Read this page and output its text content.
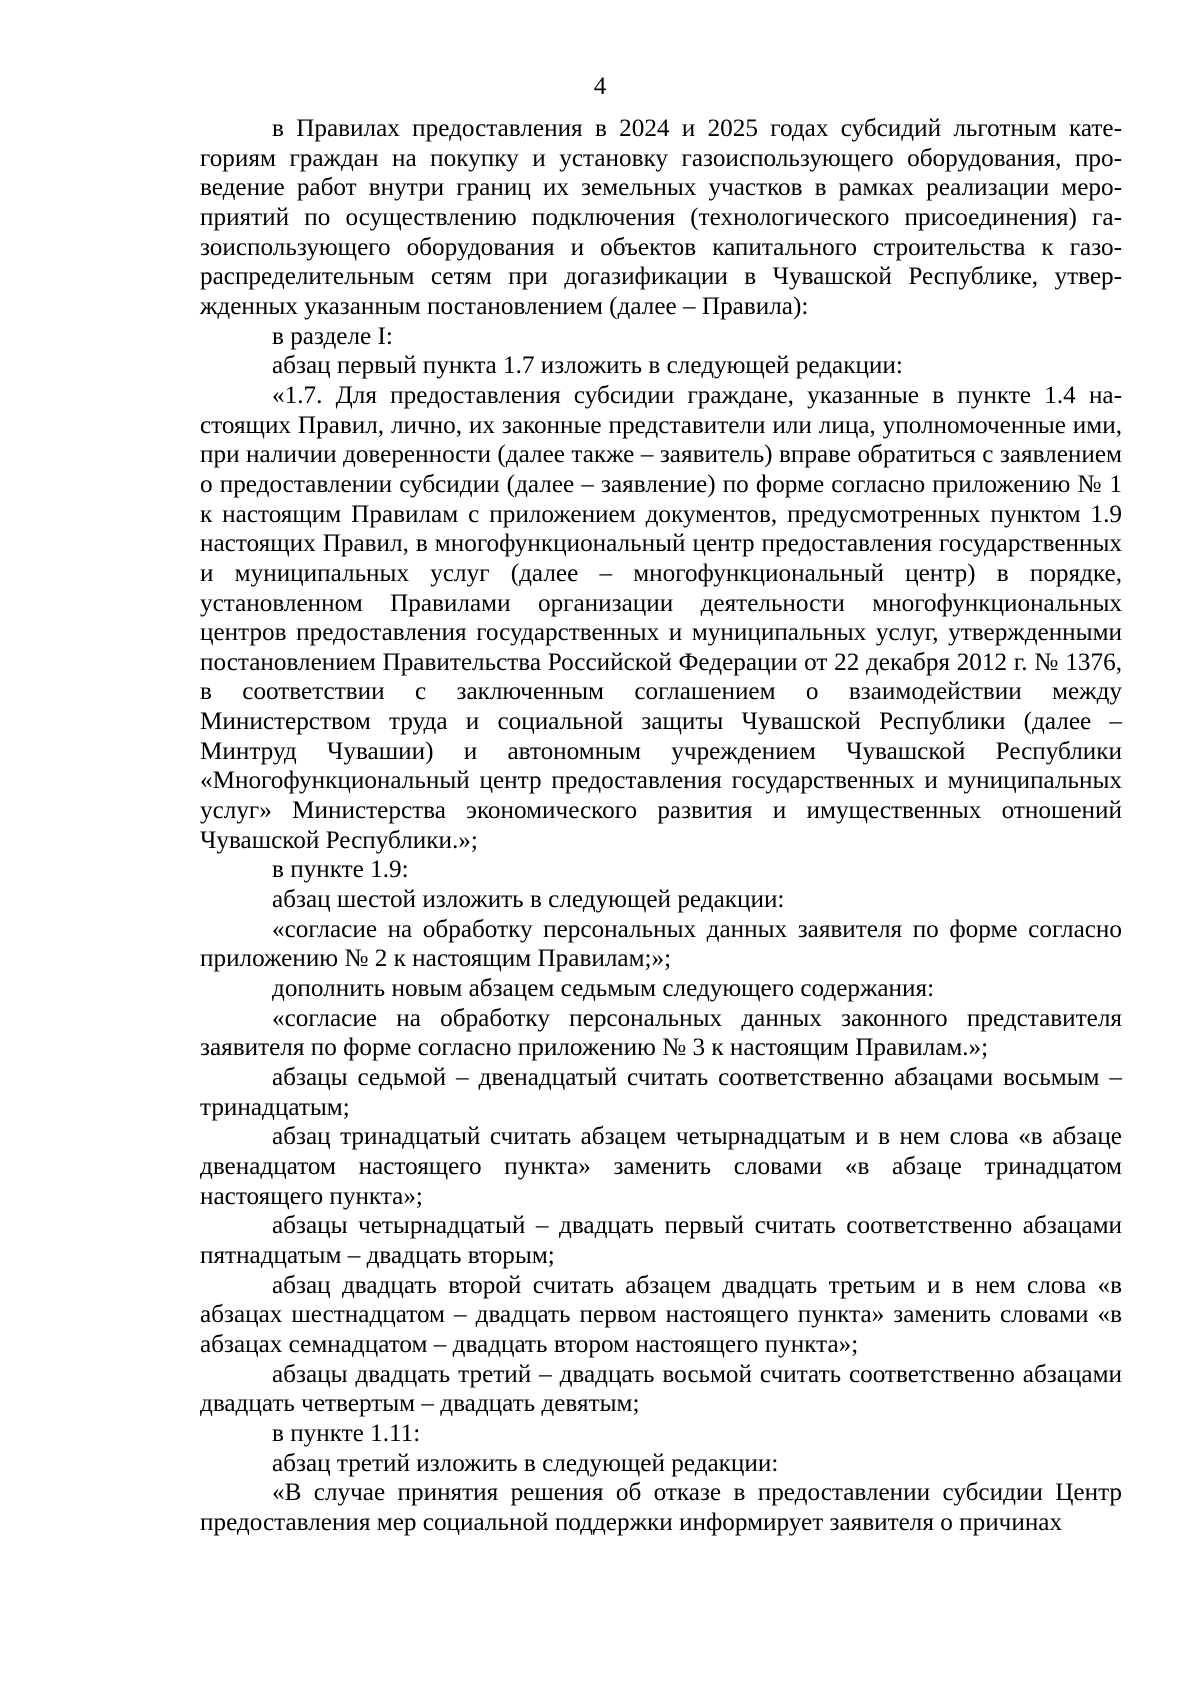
4

в Правилах предоставления в 2024 и 2025 годах субсидий льготным категориям граждан на покупку и установку газоиспользующего оборудования, проведение работ внутри границ их земельных участков в рамках реализации мероприятий по осуществлению подключения (технологического присоединения) газоиспользующего оборудования и объектов капитального строительства к газораспределительным сетям при догазификации в Чувашской Республике, утвержденных указанным постановлением (далее – Правила):

в разделе I:

абзац первый пункта 1.7 изложить в следующей редакции:

«1.7. Для предоставления субсидии граждане, указанные в пункте 1.4 настоящих Правил, лично, их законные представители или лица, уполномоченные ими, при наличии доверенности (далее также – заявитель) вправе обратиться с заявлением о предоставлении субсидии (далее – заявление) по форме согласно приложению № 1 к настоящим Правилам с приложением документов, предусмотренных пунктом 1.9 настоящих Правил, в многофункциональный центр предоставления государственных и муниципальных услуг (далее – многофункциональный центр) в порядке, установленном Правилами организации деятельности многофункциональных центров предоставления государственных и муниципальных услуг, утвержденными постановлением Правительства Российской Федерации от 22 декабря 2012 г. № 1376, в соответствии с заключенным соглашением о взаимодействии между Министерством труда и социальной защиты Чувашской Республики (далее – Минтруд Чувашии) и автономным учреждением Чувашской Республики «Многофункциональный центр предоставления государственных и муниципальных услуг» Министерства экономического развития и имущественных отношений Чувашской Республики.»;

в пункте 1.9:

абзац шестой изложить в следующей редакции:

«согласие на обработку персональных данных заявителя по форме согласно приложению № 2 к настоящим Правилам;»;

дополнить новым абзацем седьмым следующего содержания:

«согласие на обработку персональных данных законного представителя заявителя по форме согласно приложению № 3 к настоящим Правилам.»;

абзацы седьмой – двенадцатый считать соответственно абзацами восьмым – тринадцатым;

абзац тринадцатый считать абзацем четырнадцатым и в нем слова «в абзаце двенадцатом настоящего пункта» заменить словами «в абзаце тринадцатом настоящего пункта»;

абзацы четырнадцатый – двадцать первый считать соответственно абзацами пятнадцатым – двадцать вторым;

абзац двадцать второй считать абзацем двадцать третьим и в нем слова «в абзацах шестнадцатом – двадцать первом настоящего пункта» заменить словами «в абзацах семнадцатом – двадцать втором настоящего пункта»;

абзацы двадцать третий – двадцать восьмой считать соответственно абзацами двадцать четвертым – двадцать девятым;

в пункте 1.11:

абзац третий изложить в следующей редакции:

«В случае принятия решения об отказе в предоставлении субсидии Центр предоставления мер социальной поддержки информирует заявителя о причинах
